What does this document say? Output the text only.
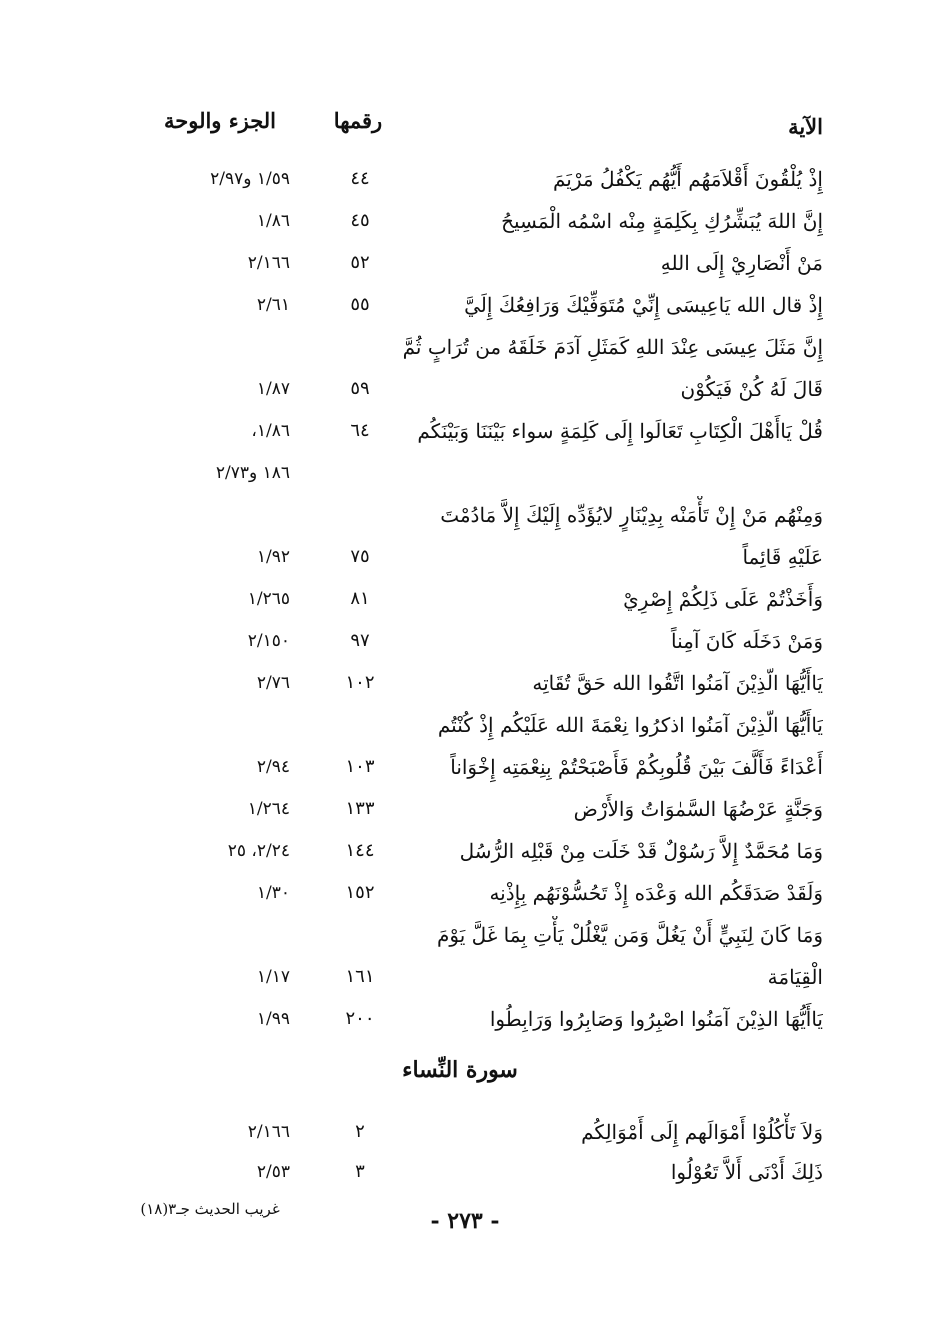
الآية
رقمها
الجزء والوحة
إِذْ يُلْقُونَ أَقْلاَمَهُم أَيُّهُم يَكْفُلُ مَرْيَمَ
٤٤
١/٥٩ و٢/٩٧
إِنَّ اللهَ يُبَشِّرُكِ بِكَلِمَةٍ مِنْه اسْمُه الْمَسِيحُ
٤٥
١/٨٦
مَنْ أَنْصَارِيْ إِلَى اللهِ
٥٢
٢/١٦٦
إِذْ قال الله يَاعِيسَى إِنِّيْ مُتَوَفِّيْكَ وَرَافِعُكَ إِلَيَّ
٥٥
٢/٦١
إِنَّ مَثَلَ عِيسَى عِنْدَ اللهِ كَمَثَلِ آدَمَ خَلَقَهُ من تُرَابٍ ثُمَّ
قَالَ لَهُ كُنْ فَيَكُوْن
٥٩
١/٨٧
قُلْ يَاأَهْلَ الْكِتَابِ تَعَالَوا إِلَى كَلِمَةٍ سواء بَيْنَنَا وَبَيْنَكُم
٦٤
١/٨٦،
١٨٦ و٢/٧٣
وَمِنْهُم مَنْ إِنْ تَأْمَنْه بِدِيْنَارٍ لايُؤَدِّه إِلَيْكَ إِلاَّ مَادُمْتَ
عَلَيْهِ قَائِماً
٧٥
١/٩٢
وَأَخَذْتُمْ عَلَى ذَلِكُمْ إِصْرِيْ
٨١
١/٢٦٥
وَمَنْ دَخَلَه كَانَ آمِناً
٩٧
٢/١٥٠
يَاأَيُّهَا الّذِيْنَ آمَنُوا اتَّقُوا الله حَقَّ تُقَاتِه
١٠٢
٢/٧٦
يَاأَيُّهَا الّذِيْنَ آمَنُوا اذكرُوا نِعْمَةَ الله عَلَيْكُم إِذْ كُنْتُم
أَعْدَاءً فَأَلَّفَ بَيْنَ قُلُوبِكُمْ فَأَصْبَحْتُمْ بِنِعْمَتِه إِخْوَاناً
١٠٣
٢/٩٤
وَجَنَّةٍ عَرْضُهَا السَّمٰوَاتُ وَالأَرْض
١٣٣
١/٢٦٤
وَمَا مُحَمَّدٌ إِلاَّ رَسُوْلٌ قَدْ خَلَت مِنْ قَبْلِه الرُّسُل
١٤٤
٢/٢٤، ٢٥
وَلَقَدْ صَدَقَكُم الله وَعْدَه إِذْ تَحُسُّوْنَهُم بِإِذْنِه
١٥٢
١/٣٠
وَمَا كَانَ لِنَبِيٍّ أَنْ يَغُلَّ وَمَن يَّغْلُلْ يَأْتِ بِمَا غَلَّ يَوْمَ
الْقِيَامَة
١٦١
١/١٧
يَاأَيُّهَا الذِيْنَ آمَنُوا اصْبِرُوا وَصَابِرُوا وَرَابِطُوا
٢٠٠
١/٩٩
سورة النِّساء
وَلاَ تَأْكُلُوْا أَمْوَالَهم إِلَى أَمْوَالِكُم
٢
٢/١٦٦
ذَلِكَ أَدْنَى أَلاَّ تَعُوْلُوا
٣
٢/٥٣
غريب الحديث جـ٣(١٨)	- ٢٧٣ -
